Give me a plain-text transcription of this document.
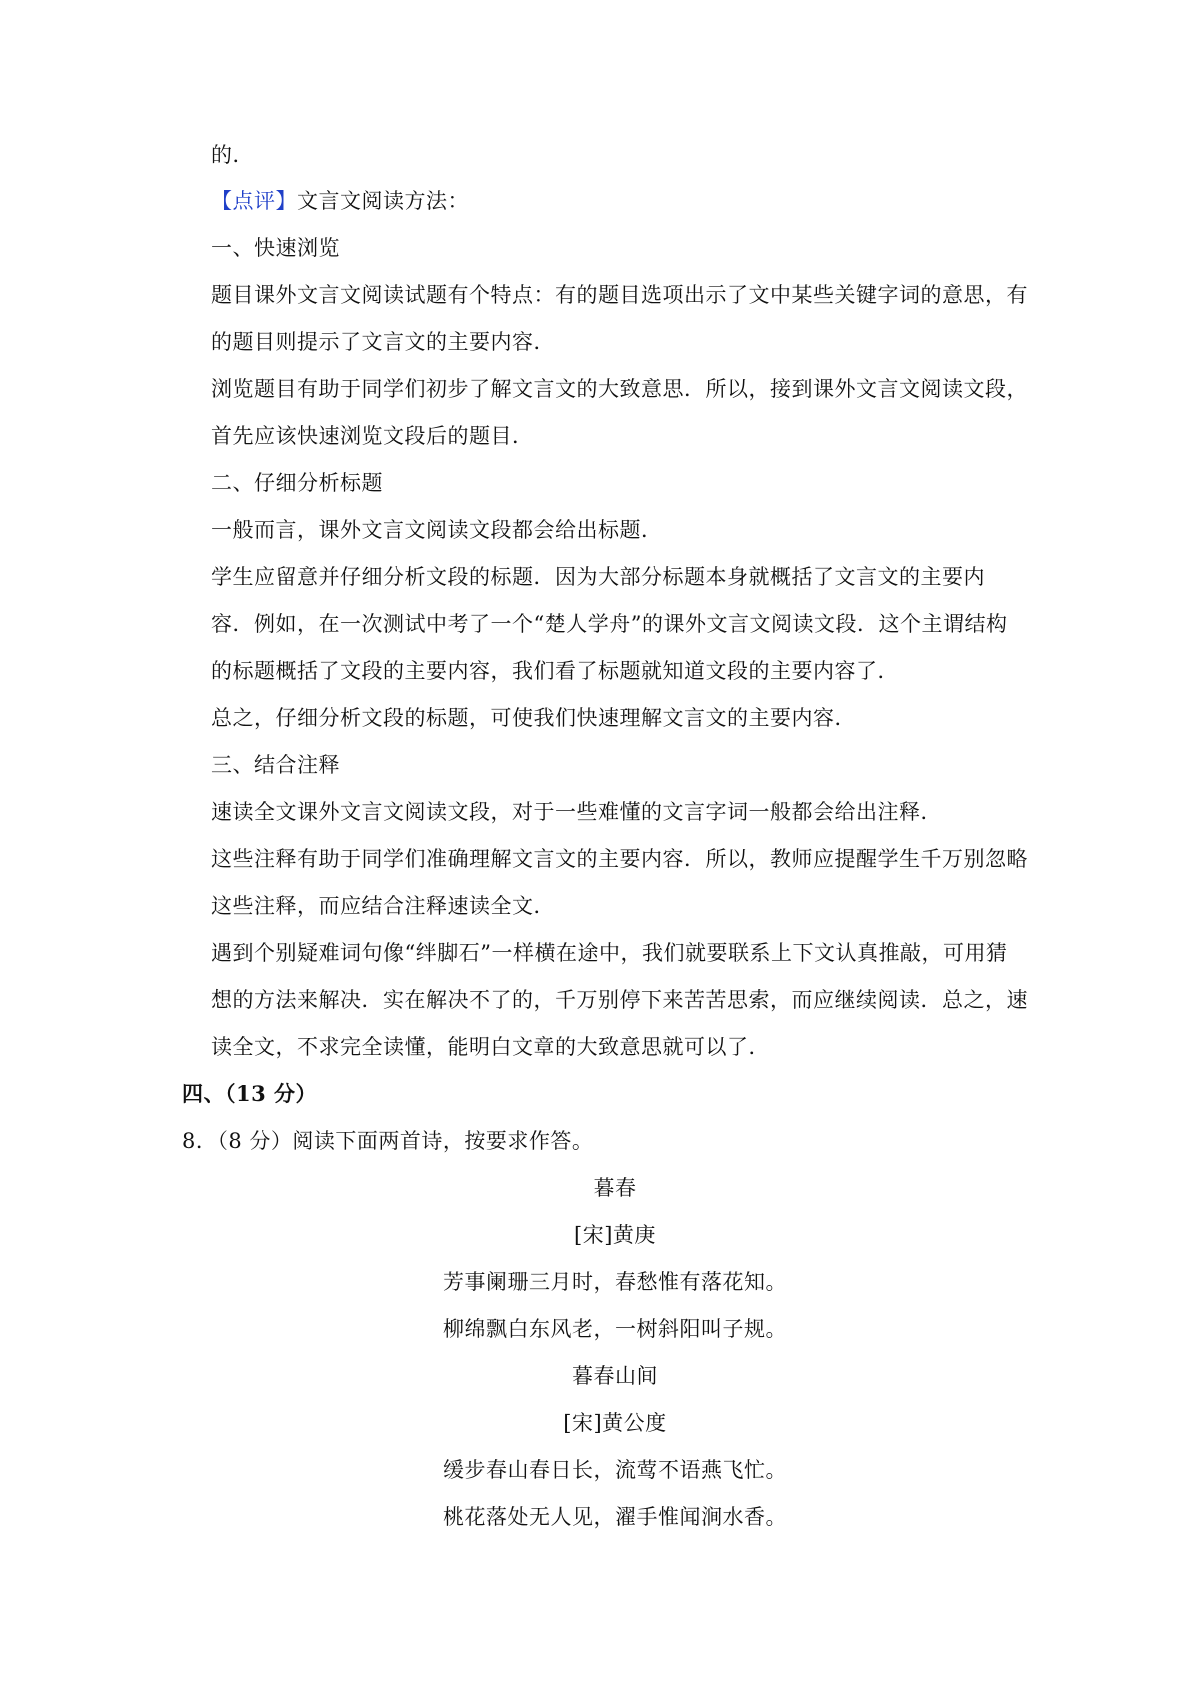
的．
【点评】文言文阅读方法：
一、快速浏览
题目课外文言文阅读试题有个特点：有的题目选项出示了文中某些关键字词的意思，有
的题目则提示了文言文的主要内容．
浏览题目有助于同学们初步了解文言文的大致意思．所以，接到课外文言文阅读文段，
首先应该快速浏览文段后的题目．
二、仔细分析标题
一般而言，课外文言文阅读文段都会给出标题．
学生应留意并仔细分析文段的标题．因为大部分标题本身就概括了文言文的主要内
容．例如，在一次测试中考了一个“楚人学舟”的课外文言文阅读文段．这个主谓结构
的标题概括了文段的主要内容，我们看了标题就知道文段的主要内容了．
总之，仔细分析文段的标题，可使我们快速理解文言文的主要内容．
三、结合注释
速读全文课外文言文阅读文段，对于一些难懂的文言字词一般都会给出注释．
这些注释有助于同学们准确理解文言文的主要内容．所以，教师应提醒学生千万别忽略
这些注释，而应结合注释速读全文．
遇到个别疑难词句像“绊脚石”一样横在途中，我们就要联系上下文认真推敲，可用猜
想的方法来解决．实在解决不了的，千万别停下来苦苦思索，而应继续阅读．总之，速
读全文，不求完全读懂，能明白文章的大致意思就可以了．
四、（13 分）
8．（8 分）阅读下面两首诗，按要求作答。
暮春
[宋]黄庚
芳事阑珊三月时，春愁惟有落花知。
柳绵飘白东风老，一树斜阳叫子规。
暮春山间
[宋]黄公度
缓步春山春日长，流莺不语燕飞忙。
桃花落处无人见，濯手惟闻涧水香。
